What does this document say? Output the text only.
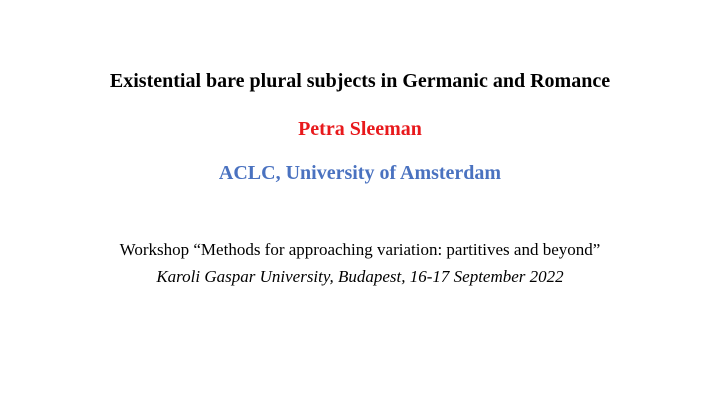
Existential bare plural subjects in Germanic and Romance
Petra Sleeman
ACLC, University of Amsterdam
Workshop “Methods for approaching variation: partitives and beyond”
Karoli Gaspar University, Budapest, 16-17 September 2022
